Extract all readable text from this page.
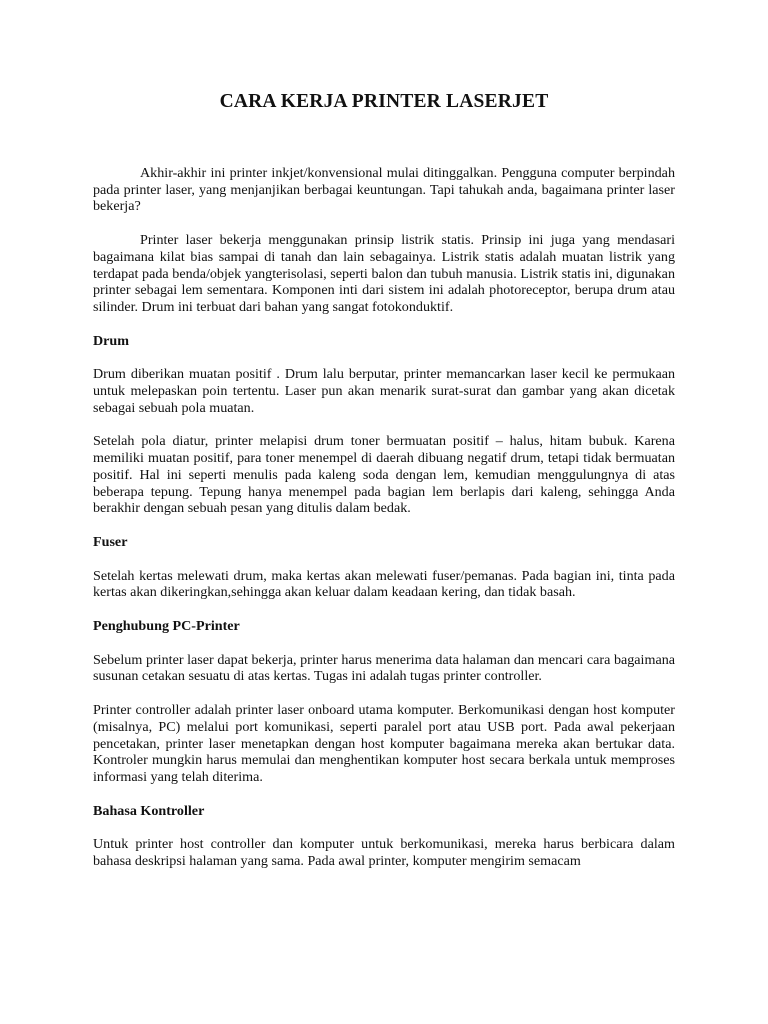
CARA KERJA PRINTER LASERJET

Akhir-akhir ini printer inkjet/konvensional mulai ditinggalkan. Pengguna computer berpindah pada printer laser, yang menjanjikan berbagai keuntungan. Tapi tahukah anda, bagaimana printer laser bekerja?

Printer laser bekerja menggunakan prinsip listrik statis. Prinsip ini juga yang mendasari bagaimana kilat bias sampai di tanah dan lain sebagainya. Listrik statis adalah muatan listrik yang terdapat pada benda/objek yangterisolasi, seperti balon dan tubuh manusia. Listrik statis ini, digunakan printer sebagai lem sementara. Komponen inti dari sistem ini adalah photoreceptor, berupa drum atau silinder. Drum ini terbuat dari bahan yang sangat fotokonduktif.

Drum

Drum diberikan muatan positif . Drum lalu berputar, printer memancarkan laser kecil ke permukaan untuk melepaskan poin tertentu. Laser pun akan menarik surat-surat dan gambar yang akan dicetak sebagai sebuah pola muatan.

Setelah pola diatur, printer melapisi drum toner bermuatan positif – halus, hitam bubuk. Karena memiliki muatan positif, para toner menempel di daerah dibuang negatif drum, tetapi tidak bermuatan positif. Hal ini seperti menulis pada kaleng soda dengan lem, kemudian menggulungnya di atas beberapa tepung. Tepung hanya menempel pada bagian lem berlapis dari kaleng, sehingga Anda berakhir dengan sebuah pesan yang ditulis dalam bedak.

Fuser

Setelah kertas melewati drum, maka kertas akan melewati fuser/pemanas. Pada bagian ini, tinta pada kertas akan dikeringkan,sehingga akan keluar dalam keadaan kering, dan tidak basah.

Penghubung PC-Printer

Sebelum printer laser dapat bekerja, printer harus menerima data halaman dan mencari cara bagaimana susunan cetakan sesuatu di atas kertas. Tugas ini adalah tugas printer controller.

Printer controller adalah printer laser onboard utama komputer. Berkomunikasi dengan host komputer (misalnya, PC) melalui port komunikasi, seperti paralel port atau USB port. Pada awal pekerjaan pencetakan, printer laser menetapkan dengan host komputer bagaimana mereka akan bertukar data. Kontroler mungkin harus memulai dan menghentikan komputer host secara berkala untuk memproses informasi yang telah diterima.

Bahasa Kontroller

Untuk printer host controller dan komputer untuk berkomunikasi, mereka harus berbicara dalam bahasa deskripsi halaman yang sama. Pada awal printer, komputer mengirim semacam
